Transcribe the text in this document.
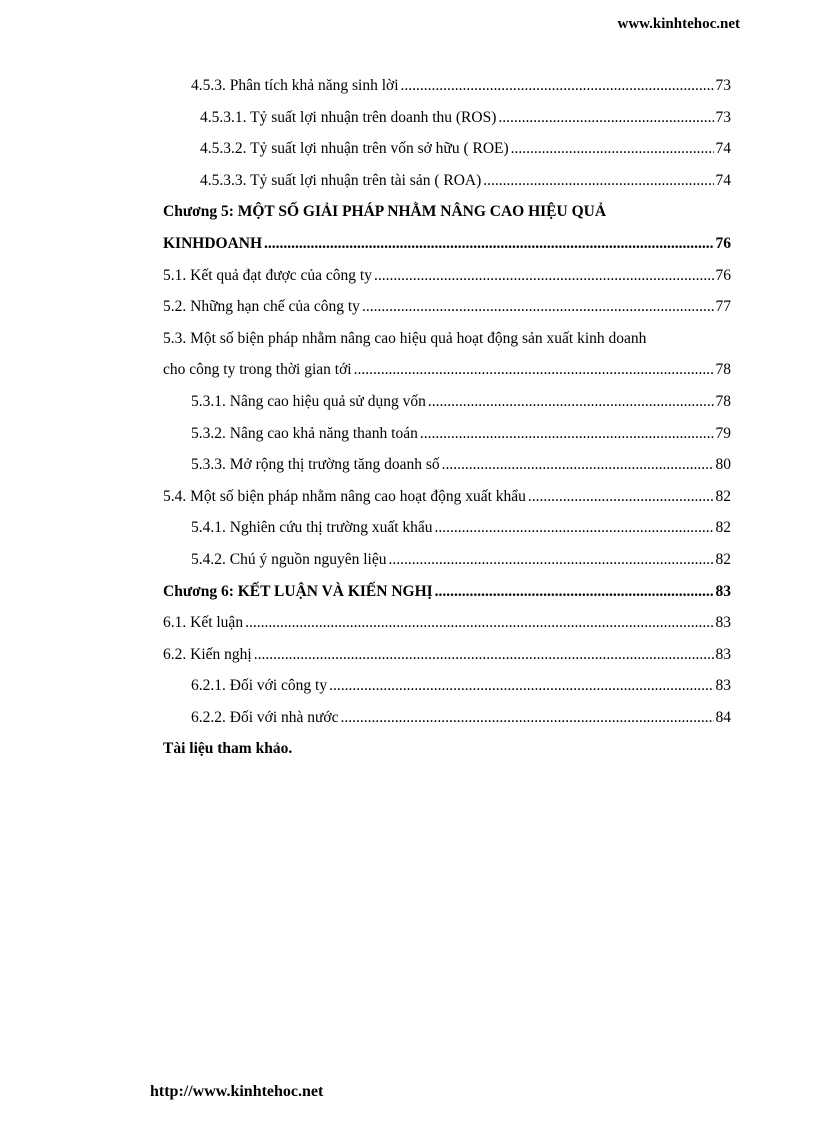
www.kinhtehoc.net
4.5.3. Phân tích khả năng sinh lời .....	73
4.5.3.1. Tỷ suất lợi nhuận trên doanh thu (ROS) .....	73
4.5.3.2. Tỷ suất lợi nhuận trên vốn sở hữu ( ROE) .....	74
4.5.3.3. Tỷ suất lợi nhuận trên tài sản ( ROA) .....	74
Chương 5: MỘT SỐ GIẢI PHÁP NHẰM NÂNG CAO HIỆU QUẢ
KINHDOANH .....	76
5.1. Kết quả đạt được của công ty .....	76
5.2. Những hạn chế của công ty .....	77
5.3. Một số biện pháp nhằm nâng cao hiệu quả hoạt động sản xuất kinh doanh
cho công ty trong thời gian tới .....	78
5.3.1. Nâng cao hiệu quả sử dụng vốn .....	78
5.3.2. Nâng cao khả năng thanh toán .....	79
5.3.3. Mở rộng thị trường tăng doanh số .....	80
5.4. Một số biện pháp nhằm nâng cao hoạt động xuất khẩu .....	82
5.4.1. Nghiên cứu thị trường xuất khẩu .....	82
5.4.2. Chú ý nguồn nguyên liệu .....	82
Chương 6: KẾT LUẬN VÀ KIẾN NGHỊ .....	83
6.1. Kết luận .....	83
6.2. Kiến nghị .....	83
6.2.1. Đối với công ty .....	83
6.2.2. Đối với nhà nước .....	84
Tài liệu tham khảo.
http://www.kinhtehoc.net
